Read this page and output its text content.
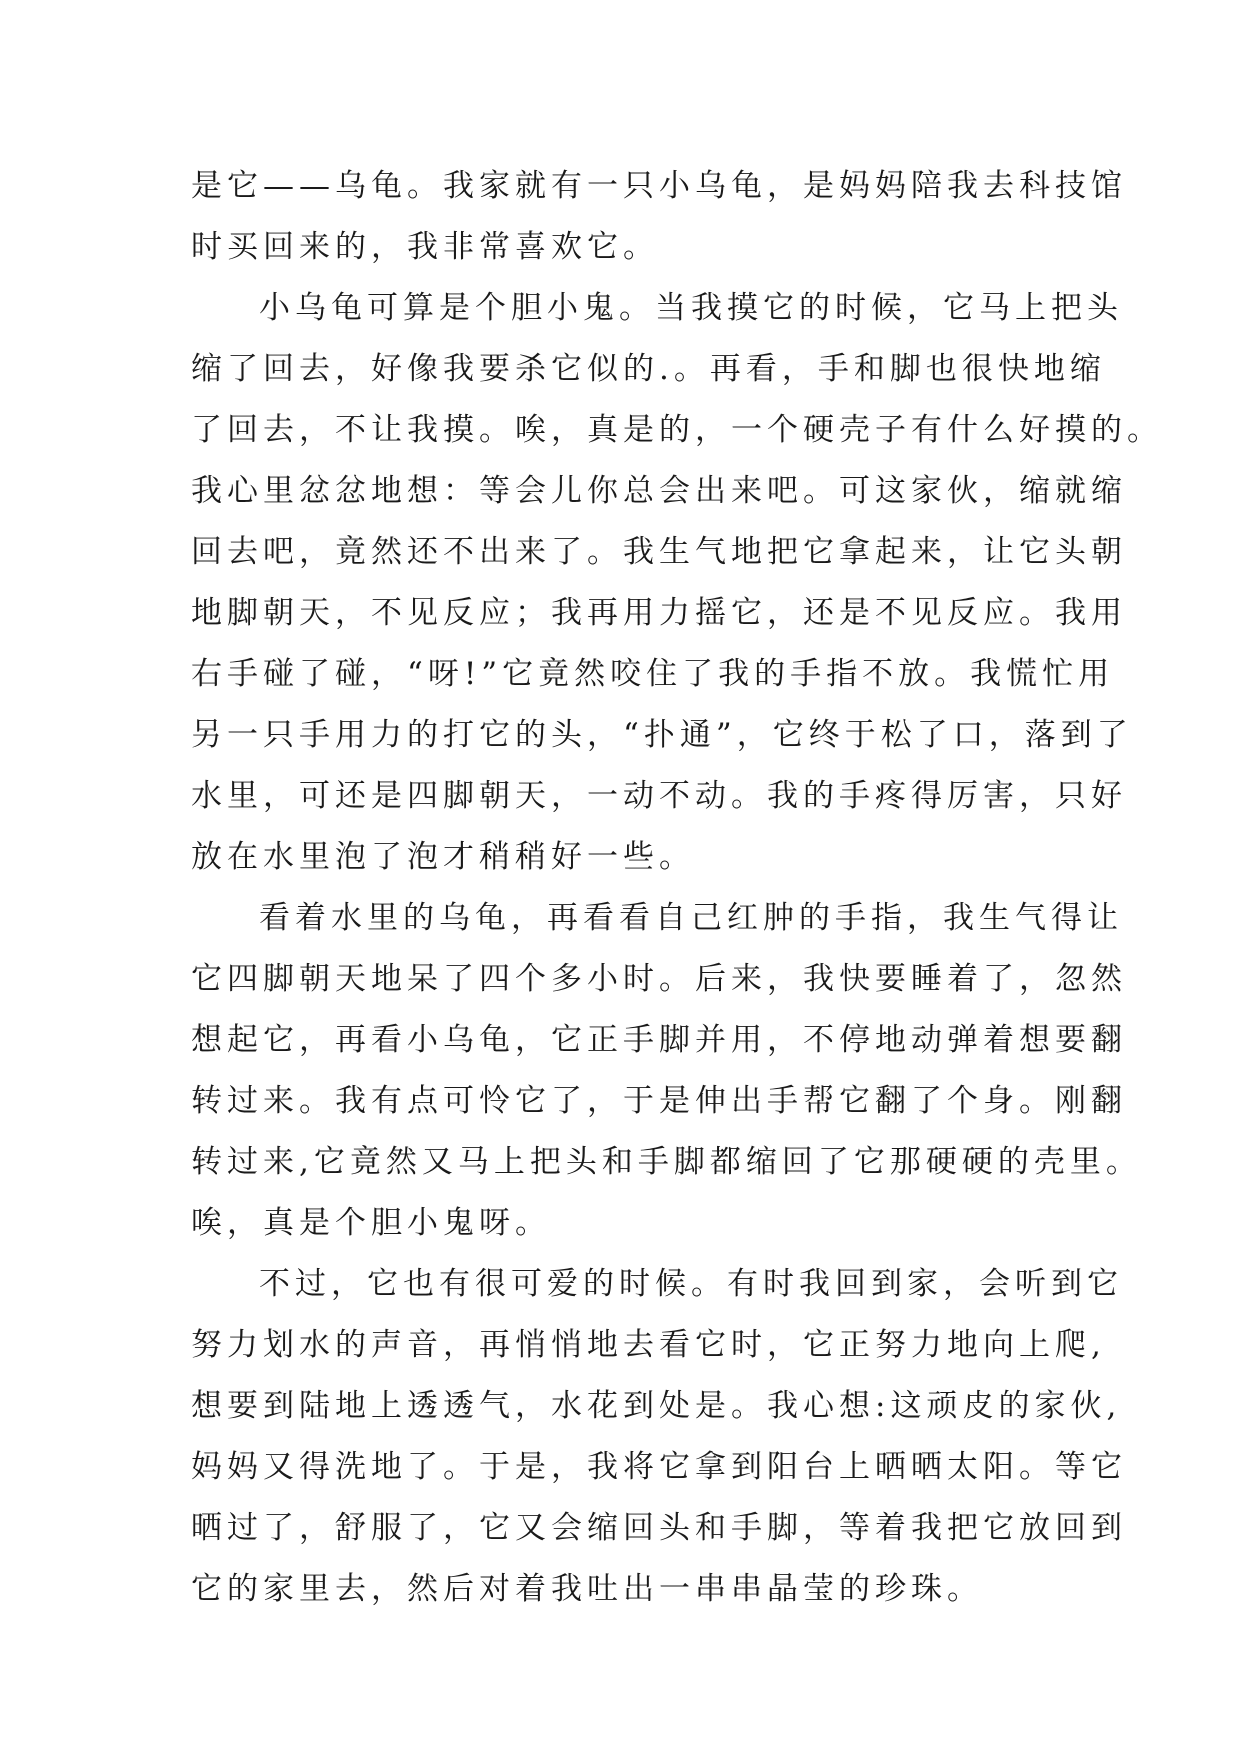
是它——乌龟。我家就有一只小乌龟，是妈妈陪我去科技馆
时买回来的，我非常喜欢它。

小乌龟可算是个胆小鬼。当我摸它的时候，它马上把头

缩了回去，好像我要杀它似的.。再看，手和脚也很快地缩
了回去，不让我摸。唉，真是的，一个硬壳子有什么好摸的。
我心里忿忿地想：等会儿你总会出来吧。可这家伙，缩就缩
回去吧，竟然还不出来了。我生气地把它拿起来，让它头朝
地脚朝天，不见反应；我再用力摇它，还是不见反应。我用
右手碰了碰，“呀!”它竟然咬住了我的手指不放。我慌忙用
另一只手用力的打它的头，“扑通”，它终于松了口，落到了
水里，可还是四脚朝天，一动不动。我的手疼得厉害，只好
放在水里泡了泡才稍稍好一些。

看着水里的乌龟，再看看自己红肿的手指，我生气得让

它四脚朝天地呆了四个多小时。后来，我快要睡着了，忽然
想起它，再看小乌龟，它正手脚并用，不停地动弹着想要翻
转过来。我有点可怜它了，于是伸出手帮它翻了个身。刚翻
转过来,它竟然又马上把头和手脚都缩回了它那硬硬的壳里。
唉，真是个胆小鬼呀。

不过，它也有很可爱的时候。有时我回到家，会听到它

努力划水的声音，再悄悄地去看它时，它正努力地向上爬,
想要到陆地上透透气，水花到处是。我心想:这顽皮的家伙,
妈妈又得洗地了。于是，我将它拿到阳台上晒晒太阳。等它
晒过了，舒服了，它又会缩回头和手脚，等着我把它放回到
它的家里去，然后对着我吐出一串串晶莹的珍珠。
